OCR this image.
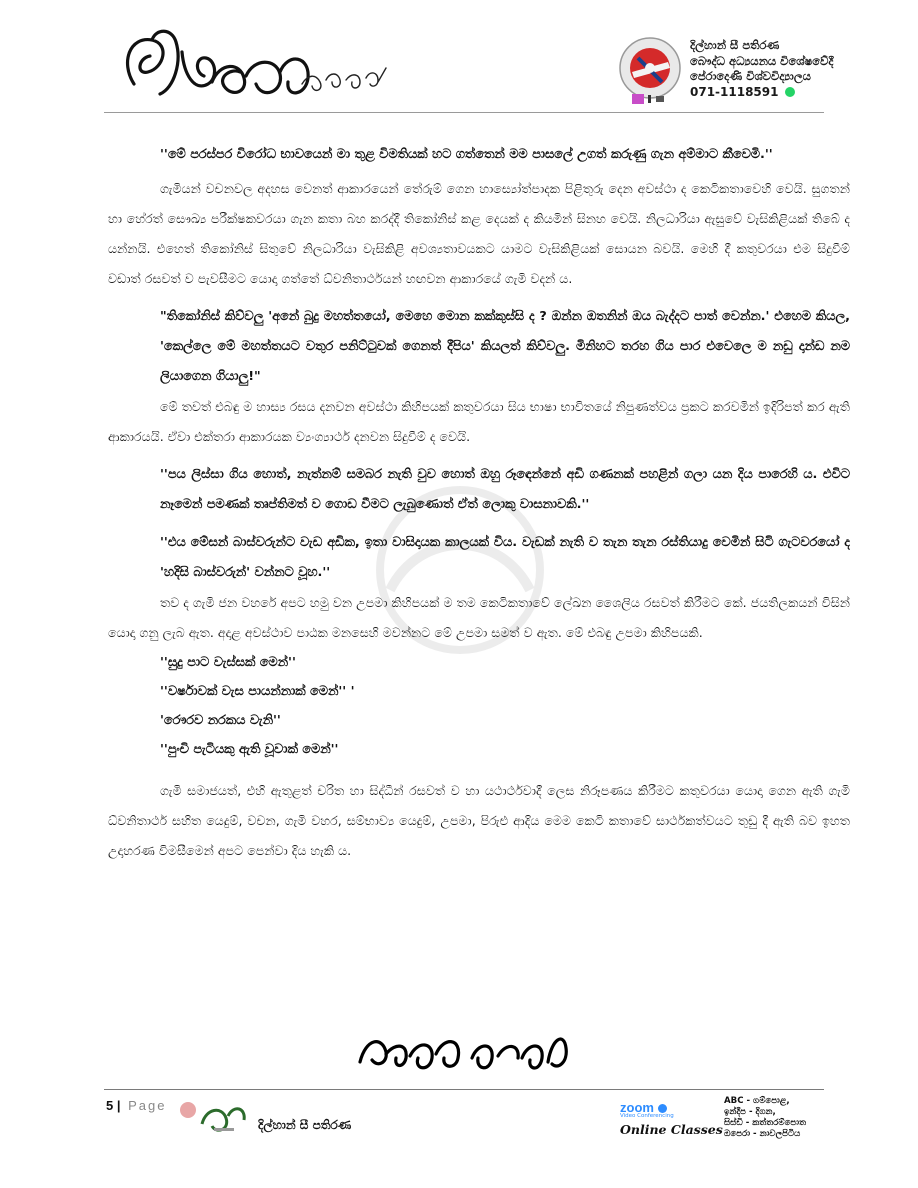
දිල්හාන් සී පතිරණ
බෞද්ධ අධ්‍යයනය විශේෂවේදී
පේරාදෙණි විශ්වවිද්‍යාලය
071-1118591

''මේ පරස්පර විරෝධ භාවයෙන් මා තුළ විමතියක් හට ගත්තෙන් මම පාසලේ උගත් කරුණු ගැන අම්මාට කීවෙමි.''

ගැමියන් වචනවල අදහස වෙනත් ආකාරයෙන් තේරුම් ගෙන හාස්‍යෝත්පාදක පිළිතුරු දෙන අවස්ථා ද කෙටිකතාවෙහි වෙයි. සුගතන් හා හේරත් සෞඛ්‍ය පරීක්ෂකවරයා ගැන කතා බහ කරද්දී තිකෝනිස් කළ දෙයක් ද කියමින් සිනහ වෙයි. නිලධාරියා ඇසුවේ වැසිකිළියක් තිබේ ද යන්නයි. එහෙත් තිකෝනිස් සිතුවේ නිලධාරියා වැසිකිළි අවශ්‍යතාවයකට යාමට වැසිකිළියක් සොයන බවයි. මෙහි දී කතුවරයා එම සිදුවීම් වඩාත් රසවත් ව පැවසීමට යොදා ගත්තේ ධ්වනිතාර්ථයන් හඟවන ආකාරයේ ගැමි වදන් ය.

"තිකෝනිස් කිව්වලු 'අනේ බුදු මහත්තයෝ, මෙහෙ මොන කක්කුස්සි ද ? ඔන්න ඔතනින් ඔය බැද්දට පාත් වෙන්න.' එහෙම කියල, 'කෙල්ලෙ මේ මහත්තයට වතුර පනිට්ටුවක් ගෙනත් දීපිය' කියලත් කිව්වලු. මිනිහට තරහ ගිය පාර එවෙලෙ ම නඩු දාන්ඩ නම ලියාගෙන ගියාලු!"

මේ තවත් එබඳු ම හාස්‍ය රසය දනවන අවස්ථා කිහිපයක් කතුවරයා සිය භාෂා භාවිතයේ නිපුණත්වය ප්‍රකට කරවමින් ඉදිරිපත් කර ඇති ආකාරයයි. ඒවා එක්තරා ආකාරයක ව්‍යංග්‍යාර්ථ දනවන සිදුවීම් ද වෙයි.

''පය ලිස්සා ගිය හොත්, නැත්නම් සමබර නැති වුව හොත් ඔහු රූඳෙන්නේ අඩි ගණනක් පහළින් ගලා යන දිය පාරෙහි ය. එවිට නෑමෙන් පමණක් තෘප්තිමත් ව ගොඩ වීමට ලැබුණොත් ඒත් ලොකු වාසනාවකි.''

''එය මේසන් බාස්වරුන්ට වැඩ අඩික, ඉතා වාසිදායක කාලයක් විය. වැඩක් නැති ව තැන තැන රස්තියාදු වෙමින් සිටි ගැටවරයෝ ද 'හදිසි බාස්වරුන්' වන්නට වූහ.''

තව ද ගැමි ජන වහරේ අපට හමු වන උපමා කිහිපයක් ම තම කෙටිකතාවේ ලේඛන ශෛලිය රසවත් කිරීමට කේ. ජයතිලකයන් විසින් යොදා ගනු ලැබ ඇත. අදාළ අවස්ථාව පාඨක මනසෙහි මවන්නට මේ උපමා සමත් ව ඇත. මේ එබඳු උපමා කිහිපයකි.

''සුදු පාට වැස්සක් මෙන්''
''වර්ෂාවක් වැස පායන්නාක් මෙන්'' '
'රෞරව නරකය වැනි''
''පුංචි පැටියකු ඇති වූවාක් මෙන්''

ගැමි සමාජයත්, එහි ඇතුළත් චරිත හා සිද්ධීන් රසවත් ව හා යථාර්ථවාදී ලෙස නිරූපණය කිරීමට කතුවරයා යොදා ගෙන ඇති ගැමි ධ්වනිතාර්ථ සහිත යෙදුම්, වචන, ගැමි වහර, සම්භාව්‍ය යෙදුම්, උපමා, පිරුළු ආදිය මෙම කෙටි කතාවේ සාර්ථකත්වයට තුඩු දී ඇති බව ඉහත උදාහරණ විමසීමෙන් අපට පෙන්වා දිය හැකි ය.

5 | Page
දිල්හාන් සී පතිරණ
zoom
Video Conferencing
Online Classes
ABC - ගම්පොළ,
ඉන්දීප - දිගන,
සිස්ඩි - කත්තරම්පොත
ඔපෙරා - නාවලපිටිය
